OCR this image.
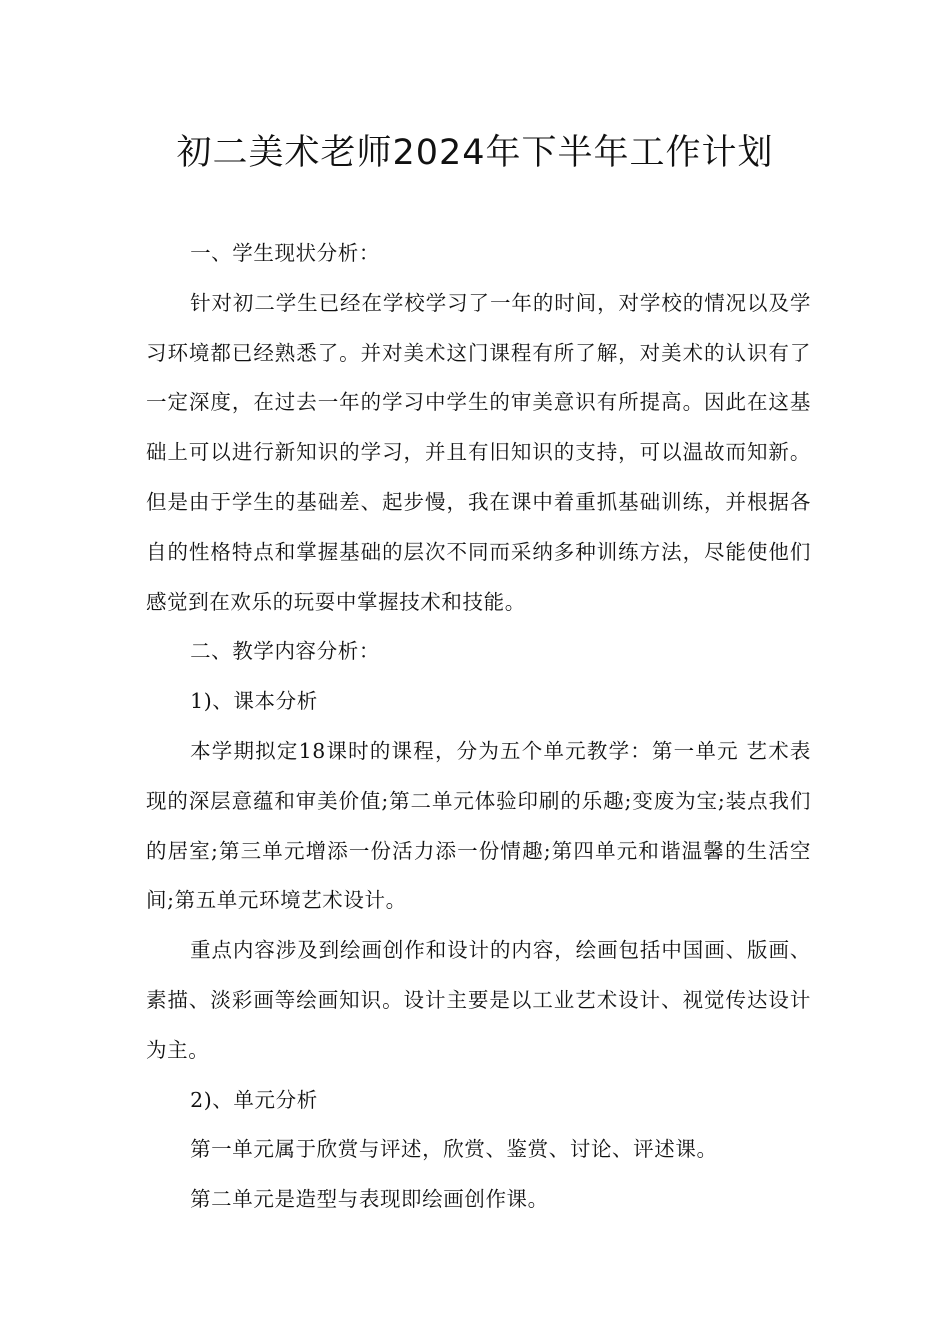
初二美术老师2024年下半年工作计划

一、学生现状分析：

针对初二学生已经在学校学习了一年的时间，对学校的情况以及学习环境都已经熟悉了。并对美术这门课程有所了解，对美术的认识有了一定深度，在过去一年的学习中学生的审美意识有所提高。因此在这基础上可以进行新知识的学习，并且有旧知识的支持，可以温故而知新。但是由于学生的基础差、起步慢，我在课中着重抓基础训练，并根据各自的性格特点和掌握基础的层次不同而采纳多种训练方法，尽能使他们感觉到在欢乐的玩耍中掌握技术和技能。

二、教学内容分析：

1)、课本分析

本学期拟定18课时的课程，分为五个单元教学：第一单元 艺术表现的深层意蕴和审美价值;第二单元体验印刷的乐趣;变废为宝;装点我们的居室;第三单元增添一份活力添一份情趣;第四单元和谐温馨的生活空间;第五单元环境艺术设计。

重点内容涉及到绘画创作和设计的内容，绘画包括中国画、版画、素描、淡彩画等绘画知识。设计主要是以工业艺术设计、视觉传达设计为主。

2)、单元分析

第一单元属于欣赏与评述，欣赏、鉴赏、讨论、评述课。

第二单元是造型与表现即绘画创作课。
